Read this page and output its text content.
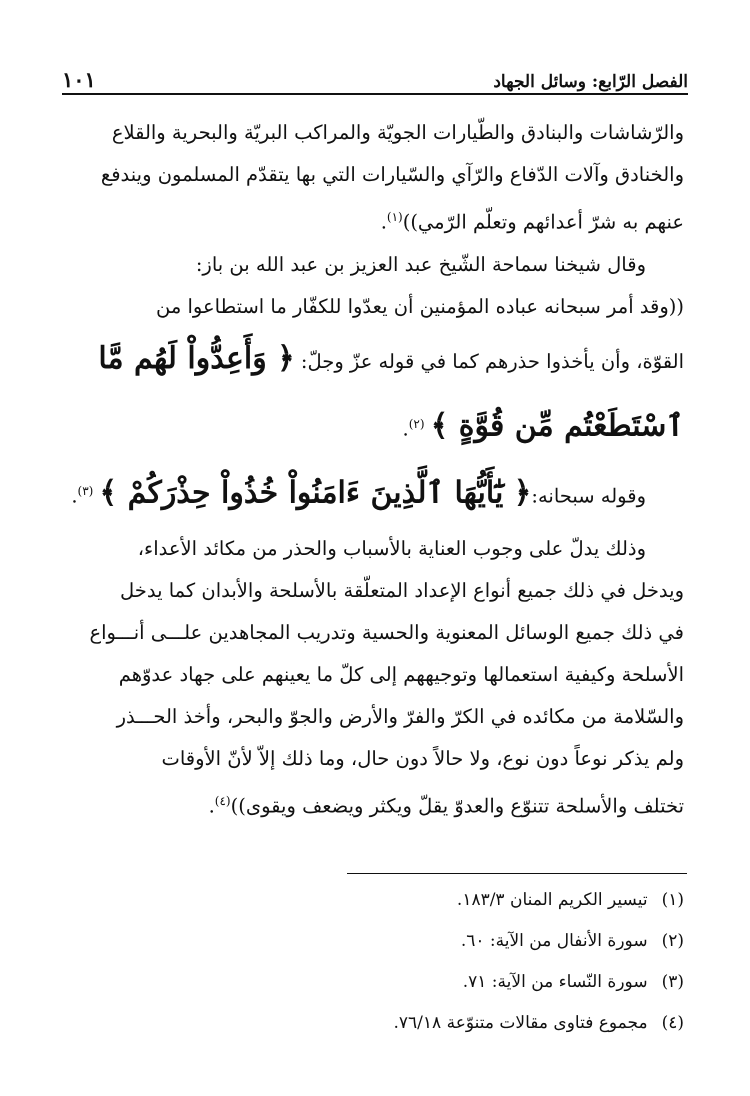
الفصل الرّابع: وسائل الجهاد
١٠١
والرّشاشات والبنادق والطّيارات الجويّة والمراكب البريّة والبحرية والقلاع
والخنادق وآلات الدّفاع والرّآي والسّيارات التي بها يتقدّم المسلمون ويندفع
عنهم به شرّ أعدائهم وتعلّم الرّمي))$^{(١)}$.
وقال شيخنا سماحة الشّيخ عبد العزيز بن عبد الله بن باز:
((وقد أمر سبحانه عباده المؤمنين أن يعدّوا للكفّار ما استطاعوا من
القوّة، وأن يأخذوا حذرهم كما في قوله عزّ وجلّ: ﴿ وَأَعِدُّواْ لَهُم مَّا
ٱسْتَطَعْتُم مِّن قُوَّةٍ ﴾ $^{(٢)}$.
وقوله سبحانه:﴿ يَٰٓأَيُّهَا ٱلَّذِينَ ءَامَنُواْ خُذُواْ حِذْرَكُمْ ﴾ $^{(٣)}$.
وذلك يدلّ على وجوب العناية بالأسباب والحذر من مكائد الأعداء،
ويدخل في ذلك جميع أنواع الإعداد المتعلّقة بالأسلحة والأبدان كما يدخل
في ذلك جميع الوسائل المعنوية والحسية وتدريب المجاهدين علـــى أنـــواع
الأسلحة وكيفية استعمالها وتوجيههم إلى كلّ ما يعينهم على جهاد عدوّهم
والسّلامة من مكائده في الكرّ والفرّ والأرض والجوّ والبحر، وأخذ الحـــذر
ولم يذكر نوعاً دون نوع، ولا حالاً دون حال، وما ذلك إلاّ لأنّ الأوقات
تختلف والأسلحة تتنوّع والعدوّ يقلّ ويكثر ويضعف ويقوى))$^{(٤)}$.
(١)تيسير الكريم المنان ١٨٣/٣.
(٢)سورة الأنفال من الآية: ٦٠.
(٣)سورة النّساء من الآية: ٧١.
(٤)مجموع فتاوى مقالات متنوّعة ٧٦/١٨.
